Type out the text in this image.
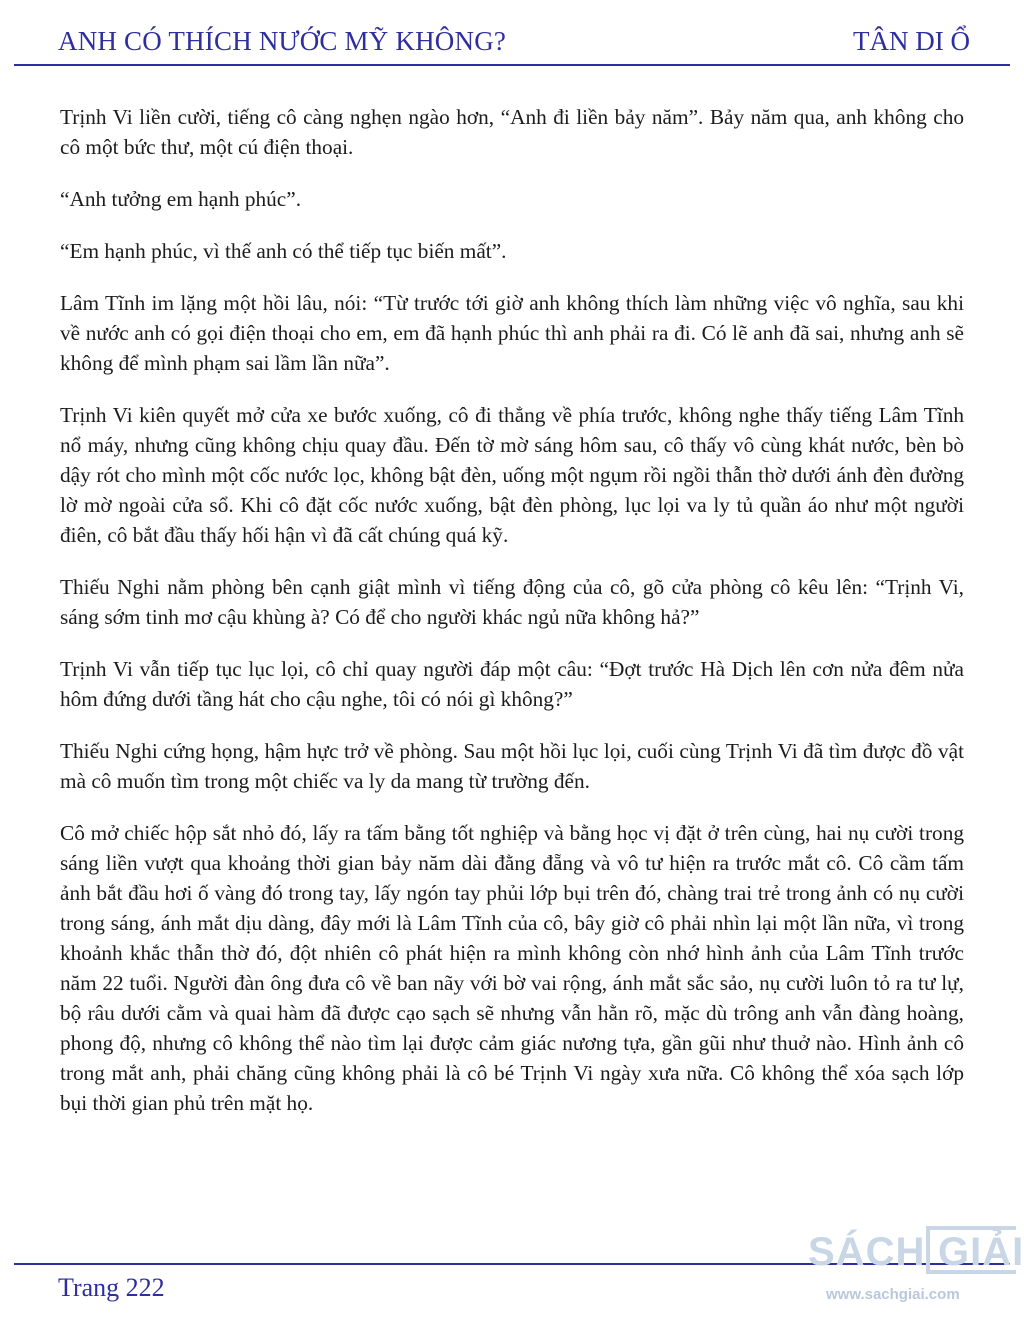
ANH CÓ THÍCH NƯỚC MỸ KHÔNG?	TÂN DI Ổ

Trịnh Vi liền cười, tiếng cô càng nghẹn ngào hơn, “Anh đi liền bảy năm”. Bảy năm qua, anh không cho cô một bức thư, một cú điện thoại.

“Anh tưởng em hạnh phúc”.

“Em hạnh phúc, vì thế anh có thể tiếp tục biến mất”.

Lâm Tĩnh im lặng một hồi lâu, nói: “Từ trước tới giờ anh không thích làm những việc vô nghĩa, sau khi về nước anh có gọi điện thoại cho em, em đã hạnh phúc thì anh phải ra đi. Có lẽ anh đã sai, nhưng anh sẽ không để mình phạm sai lầm lần nữa”.

Trịnh Vi kiên quyết mở cửa xe bước xuống, cô đi thẳng về phía trước, không nghe thấy tiếng Lâm Tĩnh nổ máy, nhưng cũng không chịu quay đầu. Đến tờ mờ sáng hôm sau, cô thấy vô cùng khát nước, bèn bò dậy rót cho mình một cốc nước lọc, không bật đèn, uống một ngụm rồi ngồi thẫn thờ dưới ánh đèn đường lờ mờ ngoài cửa sổ. Khi cô đặt cốc nước xuống, bật đèn phòng, lục lọi va ly tủ quần áo như một người điên, cô bắt đầu thấy hối hận vì đã cất chúng quá kỹ.

Thiếu Nghi nằm phòng bên cạnh giật mình vì tiếng động của cô, gõ cửa phòng cô kêu lên: “Trịnh Vi, sáng sớm tinh mơ cậu khùng à? Có để cho người khác ngủ nữa không hả?”

Trịnh Vi vẫn tiếp tục lục lọi, cô chỉ quay người đáp một câu: “Đợt trước Hà Dịch lên cơn nửa đêm nửa hôm đứng dưới tầng hát cho cậu nghe, tôi có nói gì không?”

Thiếu Nghi cứng họng, hậm hực trở về phòng. Sau một hồi lục lọi, cuối cùng Trịnh Vi đã tìm được đồ vật mà cô muốn tìm trong một chiếc va ly da mang từ trường đến.

Cô mở chiếc hộp sắt nhỏ đó, lấy ra tấm bằng tốt nghiệp và bằng học vị đặt ở trên cùng, hai nụ cười trong sáng liền vượt qua khoảng thời gian bảy năm dài đằng đẵng và vô tư hiện ra trước mắt cô. Cô cầm tấm ảnh bắt đầu hơi ố vàng đó trong tay, lấy ngón tay phủi lớp bụi trên đó, chàng trai trẻ trong ảnh có nụ cười trong sáng, ánh mắt dịu dàng, đây mới là Lâm Tĩnh của cô, bây giờ cô phải nhìn lại một lần nữa, vì trong khoảnh khắc thẫn thờ đó, đột nhiên cô phát hiện ra mình không còn nhớ hình ảnh của Lâm Tĩnh trước năm 22 tuổi. Người đàn ông đưa cô về ban nãy với bờ vai rộng, ánh mắt sắc sảo, nụ cười luôn tỏ ra tư lự, bộ râu dưới cằm và quai hàm đã được cạo sạch sẽ nhưng vẫn hằn rõ, mặc dù trông anh vẫn đàng hoàng, phong độ, nhưng cô không thể nào tìm lại được cảm giác nương tựa, gần gũi như thuở nào. Hình ảnh cô trong mắt anh, phải chăng cũng không phải là cô bé Trịnh Vi ngày xưa nữa. Cô không thể xóa sạch lớp bụi thời gian phủ trên mặt họ.

Trang 222
SÁCH GIẢI
www.sachgiai.com
